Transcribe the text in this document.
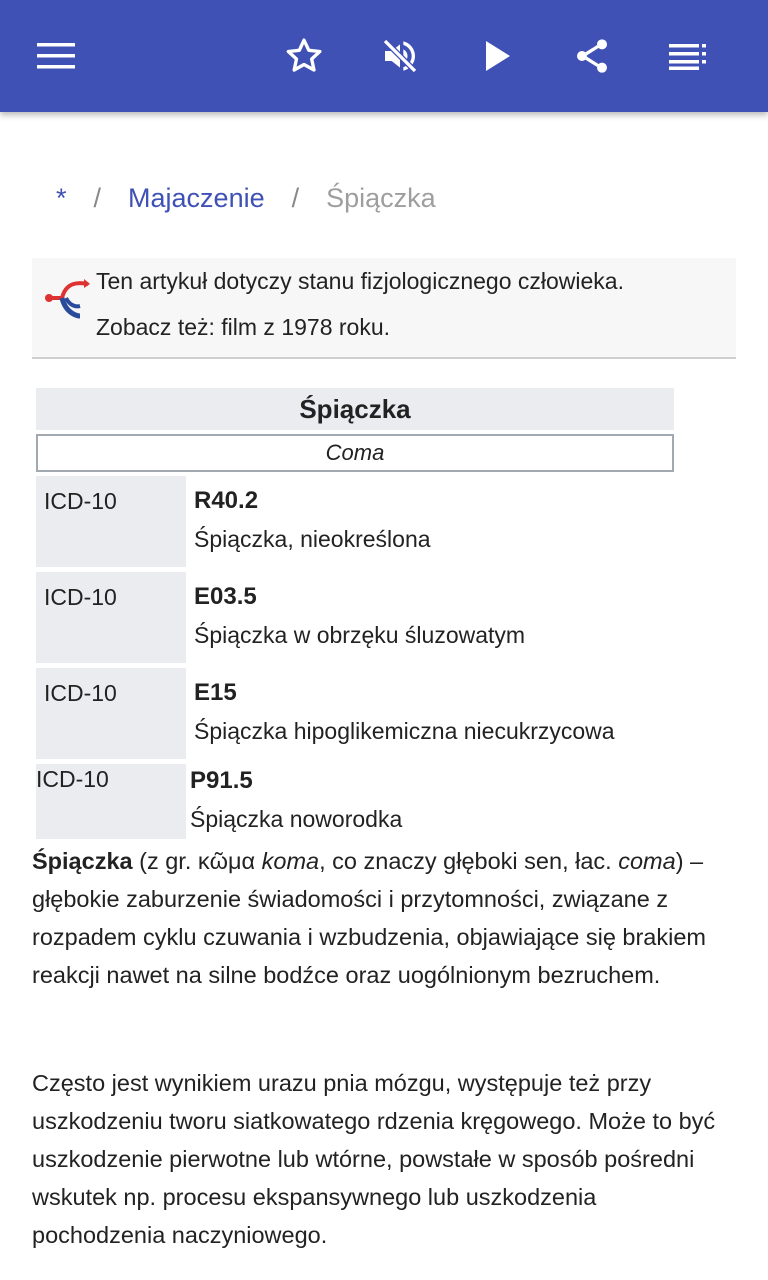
* / Majaczenie / Śpiączka
Ten artykuł dotyczy stanu fizjologicznego człowieka.
Zobacz też: film z 1978 roku.
Śpiączka
Coma
ICD-10	R40.2
Śpiączka, nieokreślona
ICD-10	E03.5
Śpiączka w obrzęku śluzowatym
ICD-10	E15
Śpiączka hipoglikemiczna niecukrzycowa
ICD-10	P91.5
Śpiączka noworodka
Śpiączka (z gr. κῶμα koma, co znaczy głęboki sen, łac. coma) – głębokie zaburzenie świadomości i przytomności, związane z rozpadem cyklu czuwania i wzbudzenia, objawiające się brakiem reakcji nawet na silne bodźce oraz uogólnionym bezruchem.
Często jest wynikiem urazu pnia mózgu, występuje też przy uszkodzeniu tworu siatkowatego rdzenia kręgowego. Może to być uszkodzenie pierwotne lub wtórne, powstałe w sposób pośredni wskutek np. procesu ekspansywnego lub uszkodzenia pochodzenia naczyniowego.
